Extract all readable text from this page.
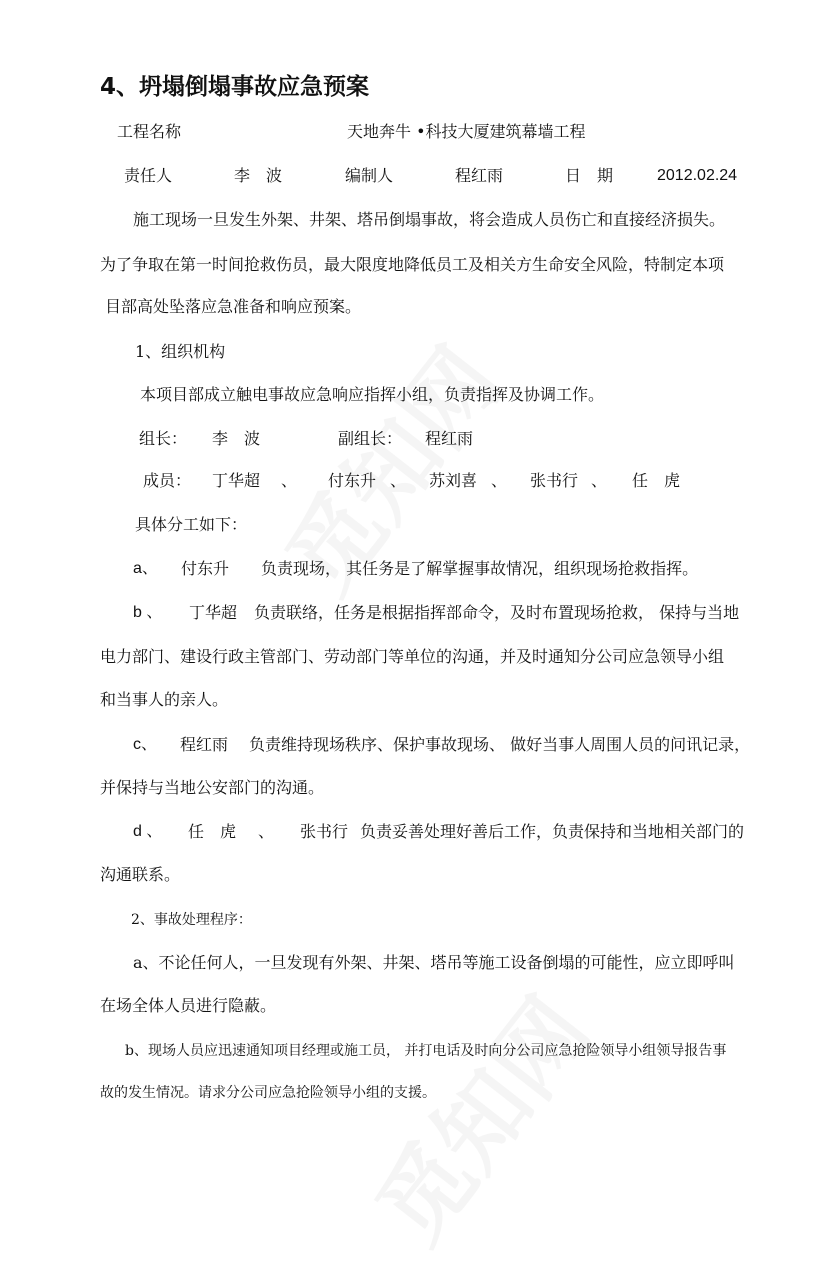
4、坍塌倒塌事故应急预案
工程名称	天地奔牛 •科技大厦建筑幕墙工程
责任人	李　波	编制人	程红雨	日　期	2012.02.24
施工现场一旦发生外架、井架、塔吊倒塌事故，将会造成人员伤亡和直接经济损失。
为了争取在第一时间抢救伤员，最大限度地降低员工及相关方生命安全风险，特制定本项
目部高处坠落应急准备和响应预案。
1、组织机构
本项目部成立触电事故应急响应指挥小组，负责指挥及协调工作。
组长： 李　波	副组长： 程红雨
成员： 丁华超 、 付东升 、 苏刘喜 、 张书行 、 任　虎
具体分工如下：
a、 付东升 负责现场， 其任务是了解掌握事故情况，组织现场抢救指挥。
b 、 丁华超 负责联络，任务是根据指挥部命令，及时布置现场抢救， 保持与当地
电力部门、建设行政主管部门、劳动部门等单位的沟通，并及时通知分公司应急领导小组
和当事人的亲人。
c、 程红雨 负责维持现场秩序、保护事故现场、 做好当事人周围人员的问讯记录，
并保持与当地公安部门的沟通。
d 、 任　虎 、 张书行 负责妥善处理好善后工作，负责保持和当地相关部门的
沟通联系。
2、事故处理程序：
a、不论任何人，一旦发现有外架、井架、塔吊等施工设备倒塌的可能性，应立即呼叫
在场全体人员进行隐蔽。
b、现场人员应迅速通知项目经理或施工员， 并打电话及时向分公司应急抢险领导小组领导报告事
故的发生情况。请求分公司应急抢险领导小组的支援。
